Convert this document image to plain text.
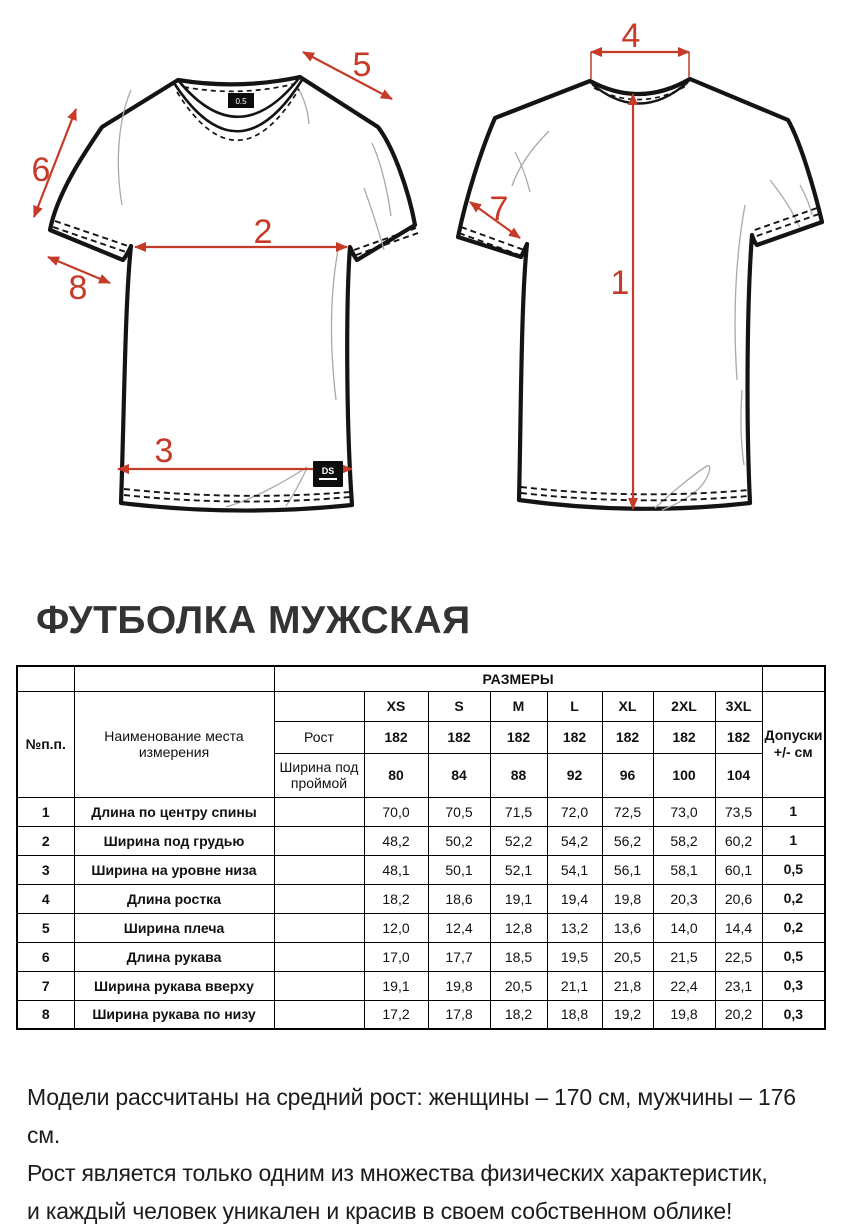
0.5
DS
5
6
2
8
3
4
1
7
ФУТБОЛКА МУЖСКАЯ
		РАЗМЕРЫ								
№п.п.	Наименование места измерения		XS	S	M	L	XL	2XL	3XL	Допуски +/- см
		Рост	182	182	182	182	182	182	182	
		Ширина под проймой	80	84	88	92	96	100	104	
1	Длина по центру спины		70,0	70,5	71,5	72,0	72,5	73,0	73,5	1
2	Ширина под грудью		48,2	50,2	52,2	54,2	56,2	58,2	60,2	1
3	Ширина на уровне низа		48,1	50,1	52,1	54,1	56,1	58,1	60,1	0,5
4	Длина ростка		18,2	18,6	19,1	19,4	19,8	20,3	20,6	0,2
5	Ширина плеча		12,0	12,4	12,8	13,2	13,6	14,0	14,4	0,2
6	Длина рукава		17,0	17,7	18,5	19,5	20,5	21,5	22,5	0,5
7	Ширина рукава вверху		19,1	19,8	20,5	21,1	21,8	22,4	23,1	0,3
8	Ширина рукава по низу		17,2	17,8	18,2	18,8	19,2	19,8	20,2	0,3
Модели рассчитаны на средний рост: женщины – 170 см, мужчины – 176 см.
Рост является только одним из множества физических характеристик,
и каждый человек уникален и красив в своем собственном облике!
